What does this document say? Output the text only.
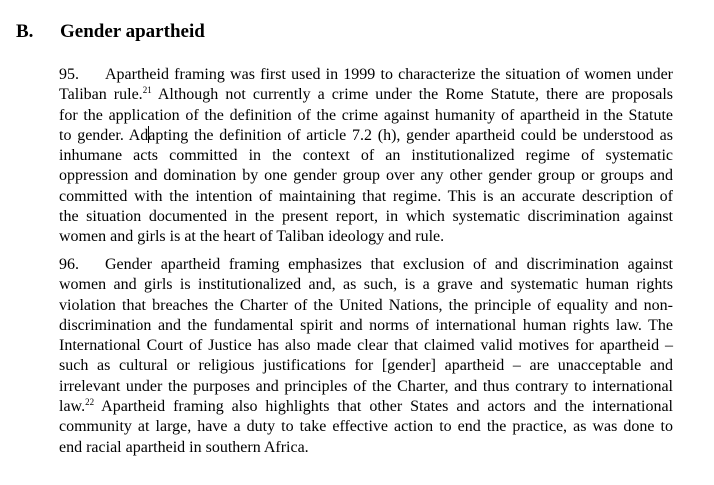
B. Gender apartheid
95. Apartheid framing was first used in 1999 to characterize the situation of women under
Taliban rule.$^{21}$ Although not currently a crime under the Rome Statute, there are proposals
for the application of the definition of the crime against humanity of apartheid in the Statute
to gender. Adapting the definition of article 7.2 (h), gender apartheid could be understood as
inhumane acts committed in the context of an institutionalized regime of systematic
oppression and domination by one gender group over any other gender group or groups and
committed with the intention of maintaining that regime. This is an accurate description of
the situation documented in the present report, in which systematic discrimination against
women and girls is at the heart of Taliban ideology and rule.
96. Gender apartheid framing emphasizes that exclusion of and discrimination against
women and girls is institutionalized and, as such, is a grave and systematic human rights
violation that breaches the Charter of the United Nations, the principle of equality and non-
discrimination and the fundamental spirit and norms of international human rights law. The
International Court of Justice has also made clear that claimed valid motives for apartheid –
such as cultural or religious justifications for [gender] apartheid – are unacceptable and
irrelevant under the purposes and principles of the Charter, and thus contrary to international
law.$^{22}$ Apartheid framing also highlights that other States and actors and the international
community at large, have a duty to take effective action to end the practice, as was done to
end racial apartheid in southern Africa.
